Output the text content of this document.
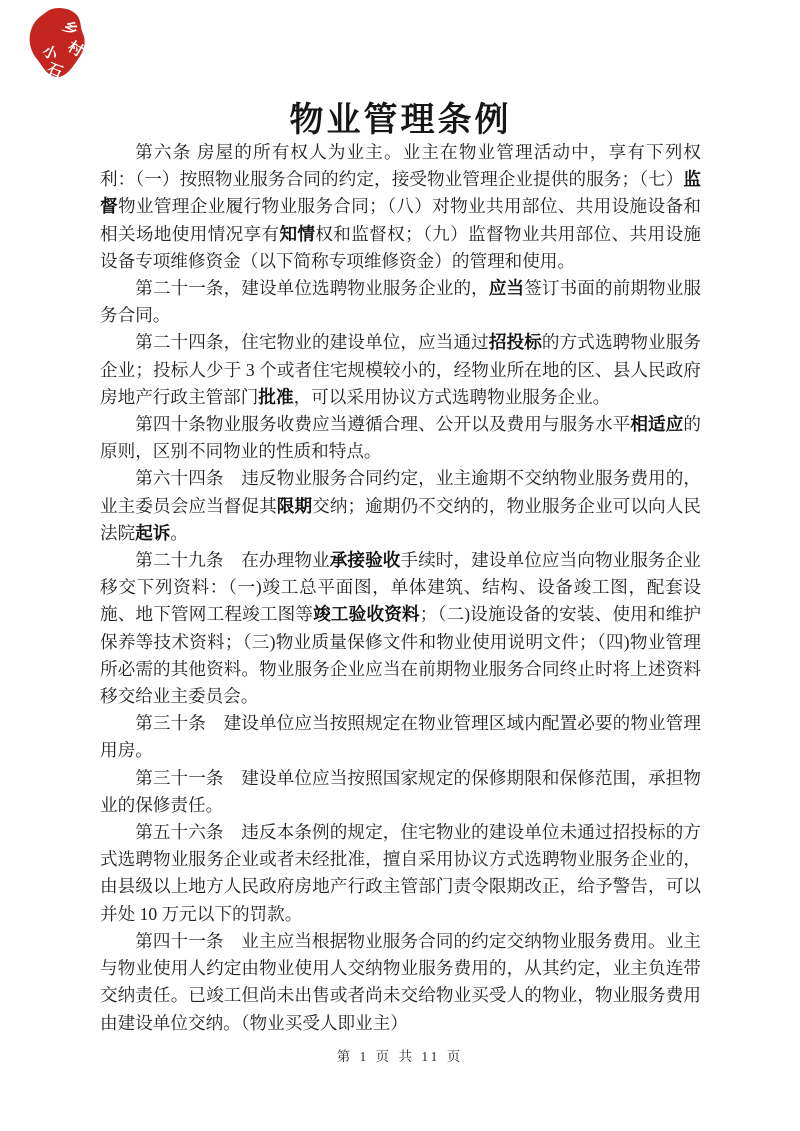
乡
村
小
石
物业管理条例

第六条 房屋的所有权人为业主。业主在物业管理活动中，享有下列权利：（一）按照物业服务合同的约定，接受物业管理企业提供的服务；（七）监督物业管理企业履行物业服务合同；（八）对物业共用部位、共用设施设备和相关场地使用情况享有知情权和监督权；（九）监督物业共用部位、共用设施设备专项维修资金（以下简称专项维修资金）的管理和使用。

第二十一条，建设单位选聘物业服务企业的，应当签订书面的前期物业服务合同。

第二十四条，住宅物业的建设单位，应当通过招投标的方式选聘物业服务企业；投标人少于 3 个或者住宅规模较小的，经物业所在地的区、县人民政府房地产行政主管部门批准，可以采用协议方式选聘物业服务企业。

第四十条物业服务收费应当遵循合理、公开以及费用与服务水平相适应的原则，区别不同物业的性质和特点。

第六十四条　违反物业服务合同约定，业主逾期不交纳物业服务费用的，业主委员会应当督促其限期交纳；逾期仍不交纳的，物业服务企业可以向人民法院起诉。

第二十九条　在办理物业承接验收手续时，建设单位应当向物业服务企业移交下列资料：（一)竣工总平面图，单体建筑、结构、设备竣工图，配套设施、地下管网工程竣工图等竣工验收资料；（二)设施设备的安装、使用和维护保养等技术资料；（三)物业质量保修文件和物业使用说明文件；（四)物业管理所必需的其他资料。物业服务企业应当在前期物业服务合同终止时将上述资料移交给业主委员会。

第三十条　建设单位应当按照规定在物业管理区域内配置必要的物业管理用房。

第三十一条　建设单位应当按照国家规定的保修期限和保修范围，承担物业的保修责任。

第五十六条　违反本条例的规定，住宅物业的建设单位未通过招投标的方式选聘物业服务企业或者未经批准，擅自采用协议方式选聘物业服务企业的，由县级以上地方人民政府房地产行政主管部门责令限期改正，给予警告，可以并处 10 万元以下的罚款。

第四十一条　业主应当根据物业服务合同的约定交纳物业服务费用。业主与物业使用人约定由物业使用人交纳物业服务费用的，从其约定，业主负连带交纳责任。已竣工但尚未出售或者尚未交给物业买受人的物业，物业服务费用由建设单位交纳。（物业买受人即业主）

第 1 页 共 11 页
